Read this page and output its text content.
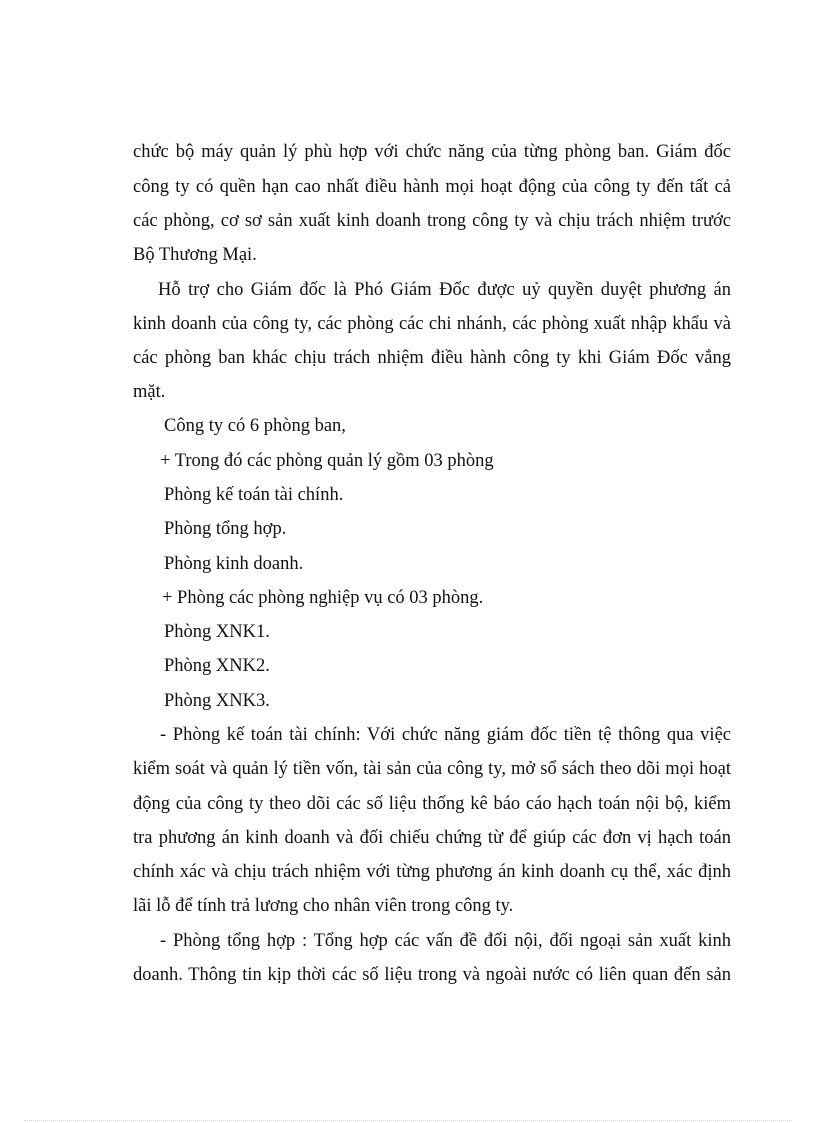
chức bộ máy quản lý phù hợp với chức năng của từng phòng ban. Giám đốc
công ty có quền hạn cao nhất điều hành mọi hoạt động của công ty đến tất cả
các phòng, cơ sơ sản xuất kinh doanh trong công ty và chịu trách nhiệm trước
Bộ Thương Mại.
Hỗ trợ cho Giám đốc là Phó Giám Đốc được uỷ quyền duyệt phương án
kinh doanh của công ty, các phòng các chi nhánh, các phòng xuất nhập khẩu và
các phòng ban khác chịu trách nhiệm điều hành công ty khi Giám Đốc vắng
mặt.
Công ty có 6 phòng ban,
+ Trong đó các phòng quản lý gồm 03 phòng
Phòng kế toán tài chính.
Phòng tổng hợp.
Phòng kinh doanh.
+ Phòng các phòng nghiệp vụ có 03 phòng.
Phòng XNK1.
Phòng XNK2.
Phòng XNK3.
- Phòng kế toán tài chính: Với chức năng giám đốc tiền tệ thông qua việc
kiểm soát và quản lý tiền vốn, tài sản của công ty, mở sổ sách theo dõi mọi hoạt
động của công ty theo dõi các số liệu thống kê báo cáo hạch toán nội bộ, kiểm
tra phương án kinh doanh và đối chiếu chứng từ để giúp các đơn vị hạch toán
chính xác và chịu trách nhiệm với từng phương án kinh doanh cụ thể, xác định
lãi lỗ để tính trả lương cho nhân viên trong công ty.
- Phòng tổng hợp : Tổng hợp các vấn đề đối nội, đối ngoại sản xuất kinh
doanh. Thông tin kịp thời các số liệu trong và ngoài nước có liên quan đến sản
